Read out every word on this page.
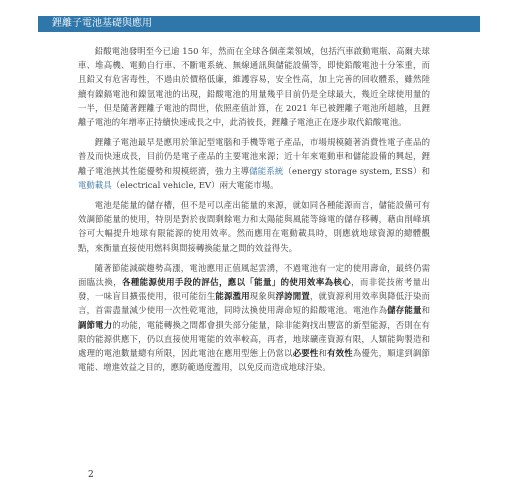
鋰離子電池基礎與應用

鉛酸電池發明至今已逾 150 年，然而在全球各個產業領域，包括汽車啟動電瓶、高爾夫球車、堆高機、電動自行車、不斷電系統、無線通訊與儲能設備等，即使鉛酸電池十分笨重，而且鉛又有危害毒性，不過由於價格低廉，維護容易，安全性高，加上完善的回收體系，雖然陸續有鎳鎘電池和鎳氫電池的出現，鉛酸電池的用量幾乎目前仍是全球最大，幾近全球使用量的一半，但是隨著鋰離子電池的問世，依照產值計算，在 2021 年已被鋰離子電池所超越，且鋰離子電池的年增率正持續快速成長之中，此消彼長，鋰離子電池正在逐步取代鉛酸電池。

鋰離子電池最早是應用於筆記型電腦和手機等電子產品，市場規模隨著消費性電子產品的普及而快速成長，目前仍是電子產品的主要電池來源；近十年來電動車和儲能設備的興起，鋰離子電池挾其性能優勢和規模經濟，強力主導儲能系統（energy storage system, ESS）和電動載具（electrical vehicle, EV）兩大電能市場。

電池是能量的儲存槽，但不是可以產出能量的來源，就如同各種能源而言，儲能設備可有效調節能量的使用，特別是對於夜間剩餘電力和太陽能與風能等綠電的儲存移轉，藉由削峰填谷可大幅提升地球有限能源的使用效率。然而應用在電動載具時，則應就地球資源的總體觀點，來衡量直接使用燃料與間接轉換能量之間的效益得失。

隨著節能減碳趨勢高漲，電池應用正值風起雲湧，不過電池有一定的使用壽命，最終仍需面臨汰換，各種能源使用手段的評估，應以「能量」的使用效率為核心，而非從技術考量出發，一味盲目擴張使用，很可能衍生能源濫用現象與浮誇閒置，就資源利用效率與降低汙染而言，首需盡量減少使用一次性乾電池，同時汰換使用壽命短的鉛酸電池。電池作為儲存能量和調節電力的功能，電能轉換之間都會損失部分能量，除非能夠找出豐富的新型能源，否則在有限的能源供應下，仍以直接使用電能的效率較高，再者，地球礦產資源有限，人類能夠製造和處理的電池數量總有所限，因此電池在應用型態上仍當以必要性和有效性為優先，順達到調節電能、增進效益之目的，應防範過度濫用，以免反而造成地球汙染。

2
